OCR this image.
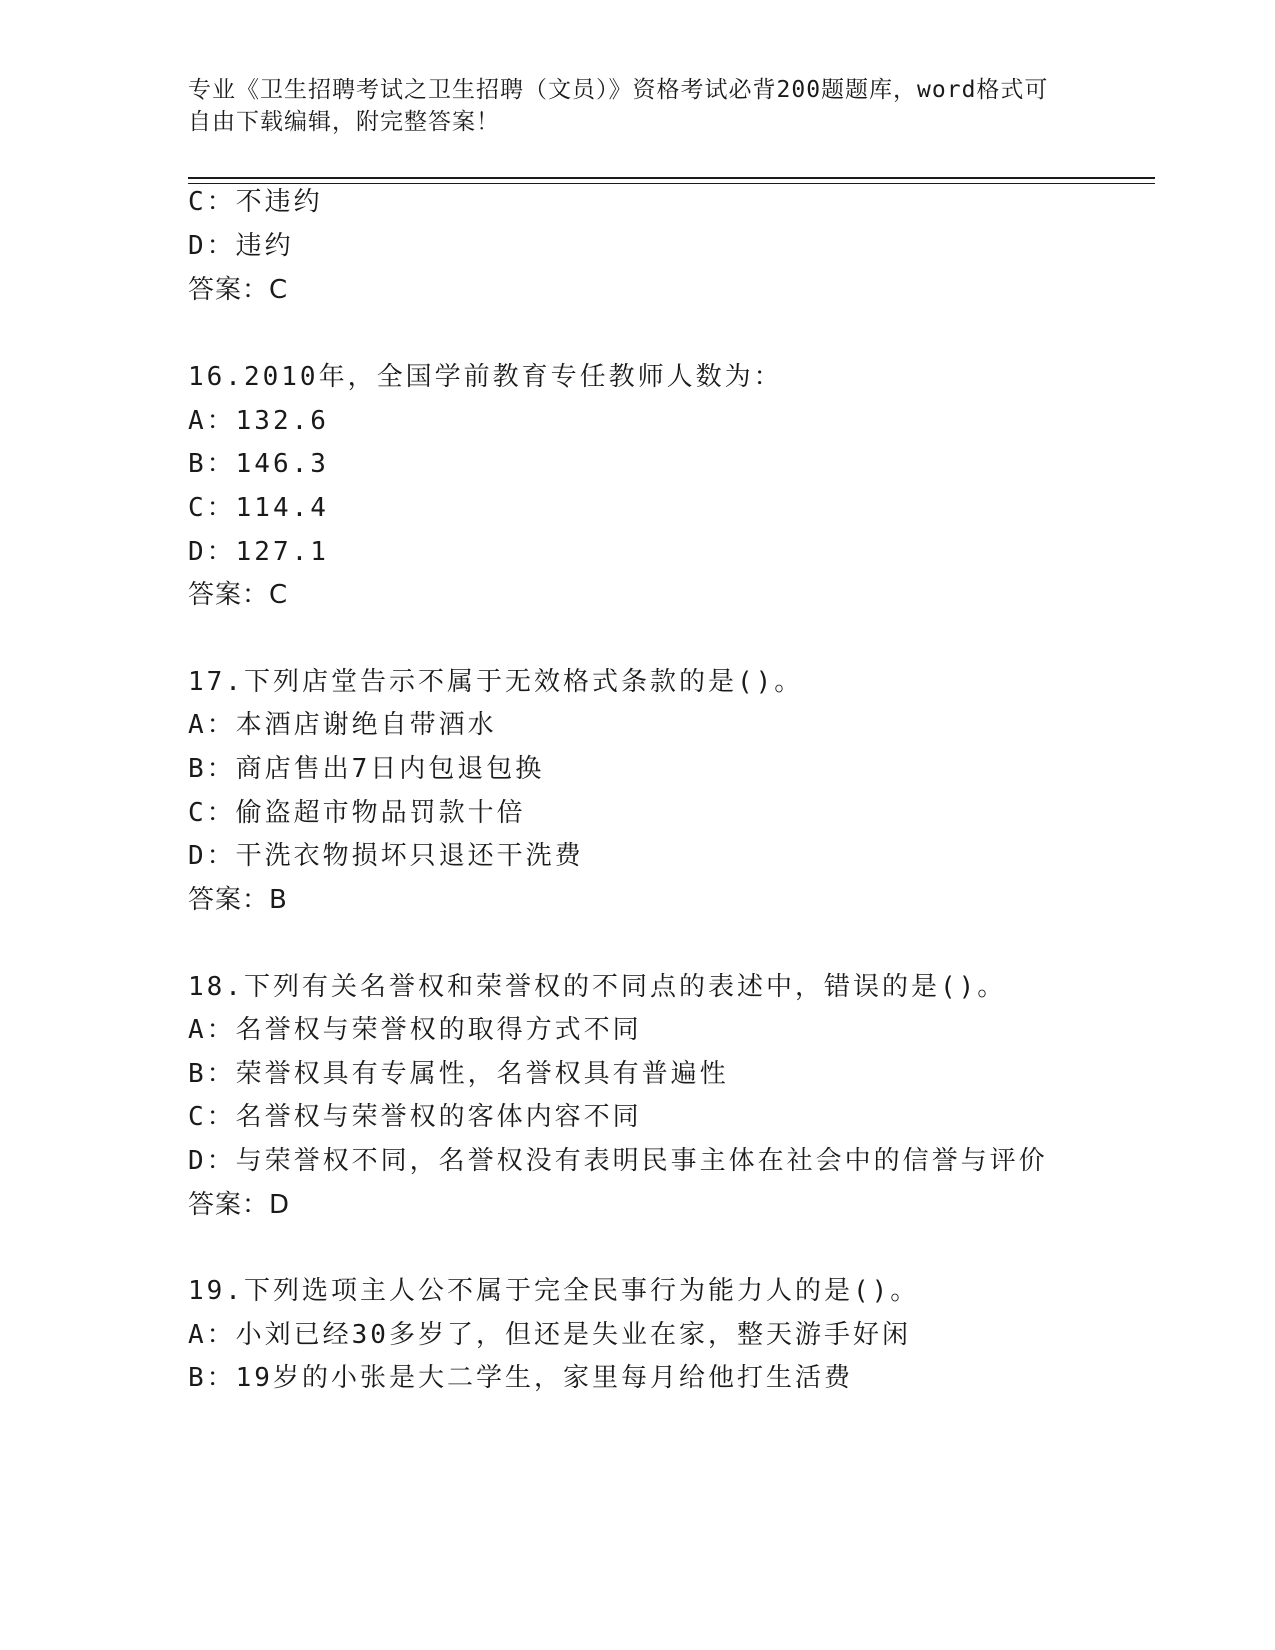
专业《卫生招聘考试之卫生招聘（文员）》资格考试必背200题题库，word格式可自由下载编辑，附完整答案！
C：不违约
D：违约
答案：C
16.2010年，全国学前教育专任教师人数为：
A：132.6
B：146.3
C：114.4
D：127.1
答案：C
17.下列店堂告示不属于无效格式条款的是()。
A：本酒店谢绝自带酒水
B：商店售出7日内包退包换
C：偷盗超市物品罚款十倍
D：干洗衣物损坏只退还干洗费
答案：B
18.下列有关名誉权和荣誉权的不同点的表述中，错误的是()。
A：名誉权与荣誉权的取得方式不同
B：荣誉权具有专属性，名誉权具有普遍性
C：名誉权与荣誉权的客体内容不同
D：与荣誉权不同，名誉权没有表明民事主体在社会中的信誉与评价
答案：D
19.下列选项主人公不属于完全民事行为能力人的是()。
A：小刘已经30多岁了，但还是失业在家，整天游手好闲
B：19岁的小张是大二学生，家里每月给他打生活费
